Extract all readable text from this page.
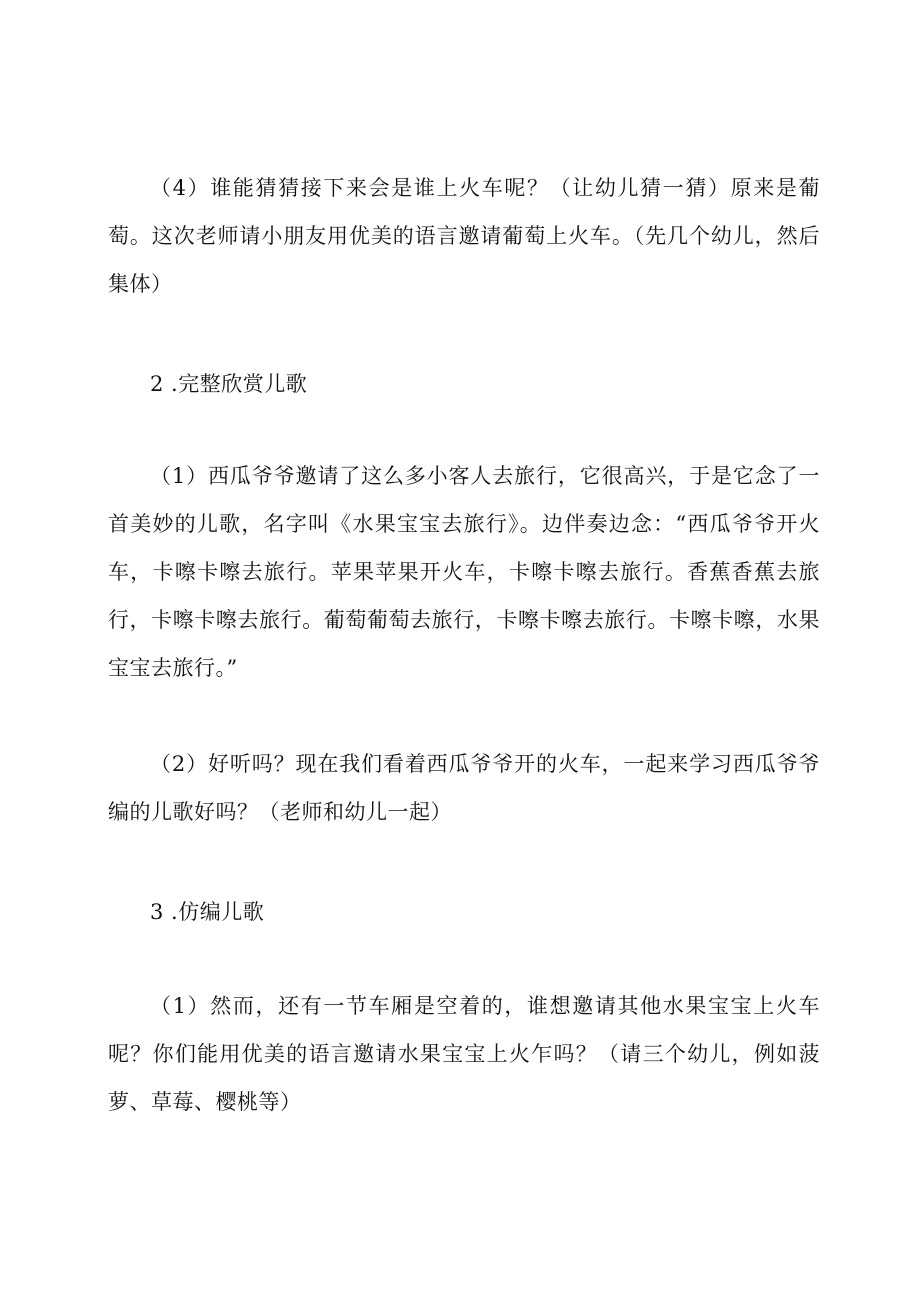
（4）谁能猜猜接下来会是谁上火车呢？（让幼儿猜一猜）原来是葡萄。这次老师请小朋友用优美的语言邀请葡萄上火车。（先几个幼儿，然后集体）

2 .完整欣赏儿歌

（1）西瓜爷爷邀请了这么多小客人去旅行，它很高兴，于是它念了一首美妙的儿歌，名字叫《水果宝宝去旅行》。边伴奏边念：“西瓜爷爷开火车，卡嚓卡嚓去旅行。苹果苹果开火车，卡嚓卡嚓去旅行。香蕉香蕉去旅行，卡嚓卡嚓去旅行。葡萄葡萄去旅行，卡嚓卡嚓去旅行。卡嚓卡嚓，水果宝宝去旅行。”

（2）好听吗？现在我们看着西瓜爷爷开的火车，一起来学习西瓜爷爷编的儿歌好吗？（老师和幼儿一起）

3 .仿编儿歌

（1）然而，还有一节车厢是空着的，谁想邀请其他水果宝宝上火车呢？你们能用优美的语言邀请水果宝宝上火乍吗？（请三个幼儿，例如菠萝、草莓、樱桃等）
